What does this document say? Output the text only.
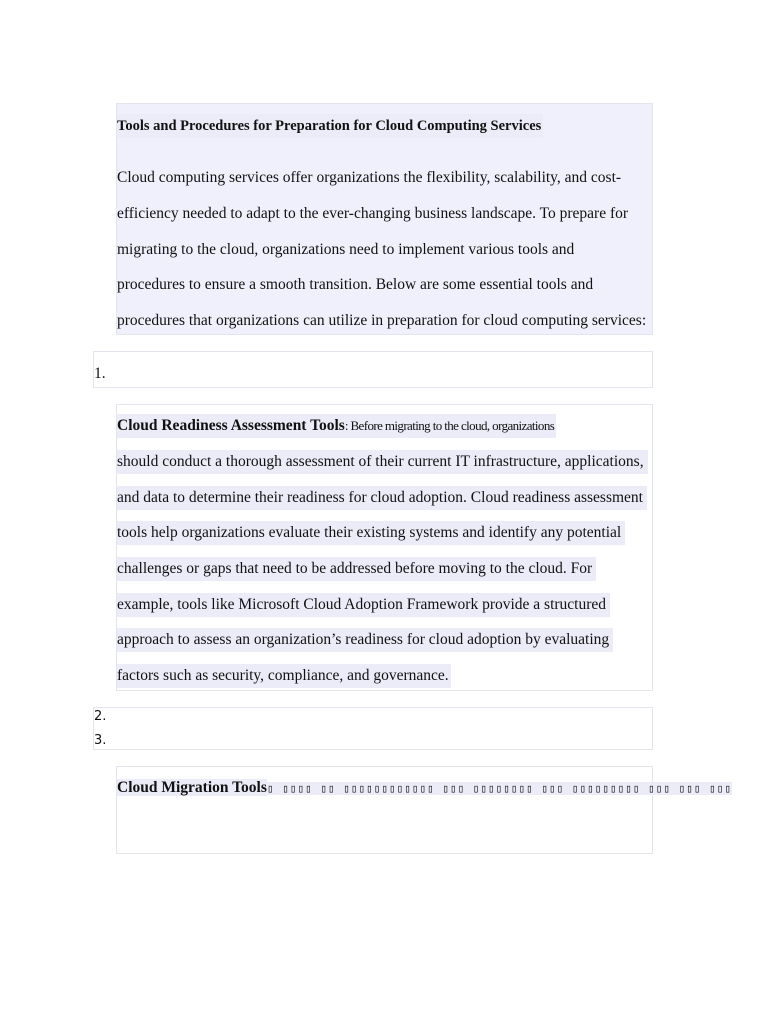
Tools and Procedures for Preparation for Cloud Computing Services
Cloud computing services offer organizations the flexibility, scalability, and cost-
efficiency needed to adapt to the ever-changing business landscape. To prepare for
migrating to the cloud, organizations need to implement various tools and
procedures to ensure a smooth transition. Below are some essential tools and
procedures that organizations can utilize in preparation for cloud computing services:
1.
Cloud Readiness Assessment Tools: Before migrating to the cloud, organizations
should conduct a thorough assessment of their current IT infrastructure, applications,
and data to determine their readiness for cloud adoption. Cloud readiness assessment
tools help organizations evaluate their existing systems and identify any potential
challenges or gaps that need to be addressed before moving to the cloud. For
example, tools like Microsoft Cloud Adoption Framework provide a structured
approach to assess an organization’s readiness for cloud adoption by evaluating
factors such as security, compliance, and governance.
2.
3.
Cloud Migration Tools▯ ▯▯▯▯ ▯▯ ▯▯▯▯▯▯▯▯▯▯▯▯ ▯▯▯ ▯▯▯▯▯▯▯▯ ▯▯▯ ▯▯▯▯▯▯▯▯▯ ▯▯▯ ▯▯▯ ▯▯▯
